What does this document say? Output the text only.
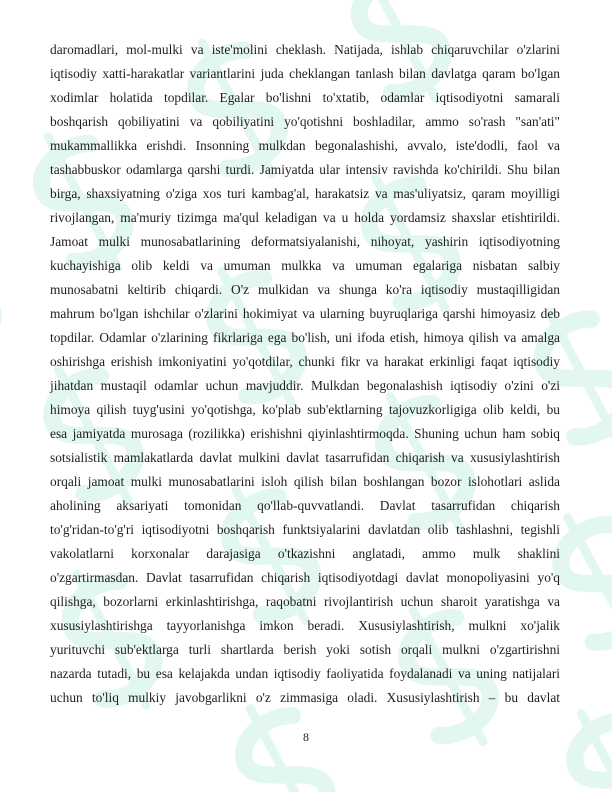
daromadlari, mol-mulki va iste'molini cheklash. Natijada, ishlab chiqaruvchilar o'zlarini
iqtisodiy xatti-harakatlar variantlarini juda cheklangan tanlash bilan davlatga qaram bo'lgan
xodimlar holatida topdilar. Egalar bo'lishni to'xtatib, odamlar iqtisodiyotni samarali
boshqarish qobiliyatini va qobiliyatini yo'qotishni boshladilar, ammo so'rash "san'ati"
mukammallikka erishdi. Insonning mulkdan begonalashishi, avvalo, iste'dodli, faol va
tashabbuskor odamlarga qarshi turdi. Jamiyatda ular intensiv ravishda ko'chirildi. Shu bilan
birga, shaxsiyatning o'ziga xos turi kambag'al, harakatsiz va mas'uliyatsiz, qaram moyilligi
rivojlangan, ma'muriy tizimga ma'qul keladigan va u holda yordamsiz shaxslar etishtirildi.
Jamoat mulki munosabatlarining deformatsiyalanishi, nihoyat, yashirin iqtisodiyotning
kuchayishiga olib keldi va umuman mulkka va umuman egalariga nisbatan salbiy
munosabatni keltirib chiqardi. O'z mulkidan va shunga ko'ra iqtisodiy mustaqilligidan
mahrum bo'lgan ishchilar o'zlarini hokimiyat va ularning buyruqlariga qarshi himoyasiz deb
topdilar. Odamlar o'zlarining fikrlariga ega bo'lish, uni ifoda etish, himoya qilish va amalga
oshirishga erishish imkoniyatini yo'qotdilar, chunki fikr va harakat erkinligi faqat iqtisodiy
jihatdan mustaqil odamlar uchun mavjuddir. Mulkdan begonalashish iqtisodiy o'zini o'zi
himoya qilish tuyg'usini yo'qotishga, ko'plab sub'ektlarning tajovuzkorligiga olib keldi, bu
esa jamiyatda murosaga (rozilikka) erishishni qiyinlashtirmoqda. Shuning uchun ham sobiq
sotsialistik mamlakatlarda davlat mulkini davlat tasarrufidan chiqarish va xususiylashtirish
orqali jamoat mulki munosabatlarini isloh qilish bilan boshlangan bozor islohotlari aslida
aholining aksariyati tomonidan qo'llab-quvvatlandi. Davlat tasarrufidan chiqarish
to'g'ridan-to'g'ri iqtisodiyotni boshqarish funktsiyalarini davlatdan olib tashlashni, tegishli
vakolatlarni korxonalar darajasiga o'tkazishni anglatadi, ammo mulk shaklini
o'zgartirmasdan. Davlat tasarrufidan chiqarish iqtisodiyotdagi davlat monopoliyasini yo'q
qilishga, bozorlarni erkinlashtirishga, raqobatni rivojlantirish uchun sharoit yaratishga va
xususiylashtirishga tayyorlanishga imkon beradi. Xususiylashtirish, mulkni xo'jalik
yurituvchi sub'ektlarga turli shartlarda berish yoki sotish orqali mulkni o'zgartirishni
nazarda tutadi, bu esa kelajakda undan iqtisodiy faoliyatida foydalanadi va uning natijalari
uchun to'liq mulkiy javobgarlikni o'z zimmasiga oladi. Xususiylashtirish – bu davlat
8
